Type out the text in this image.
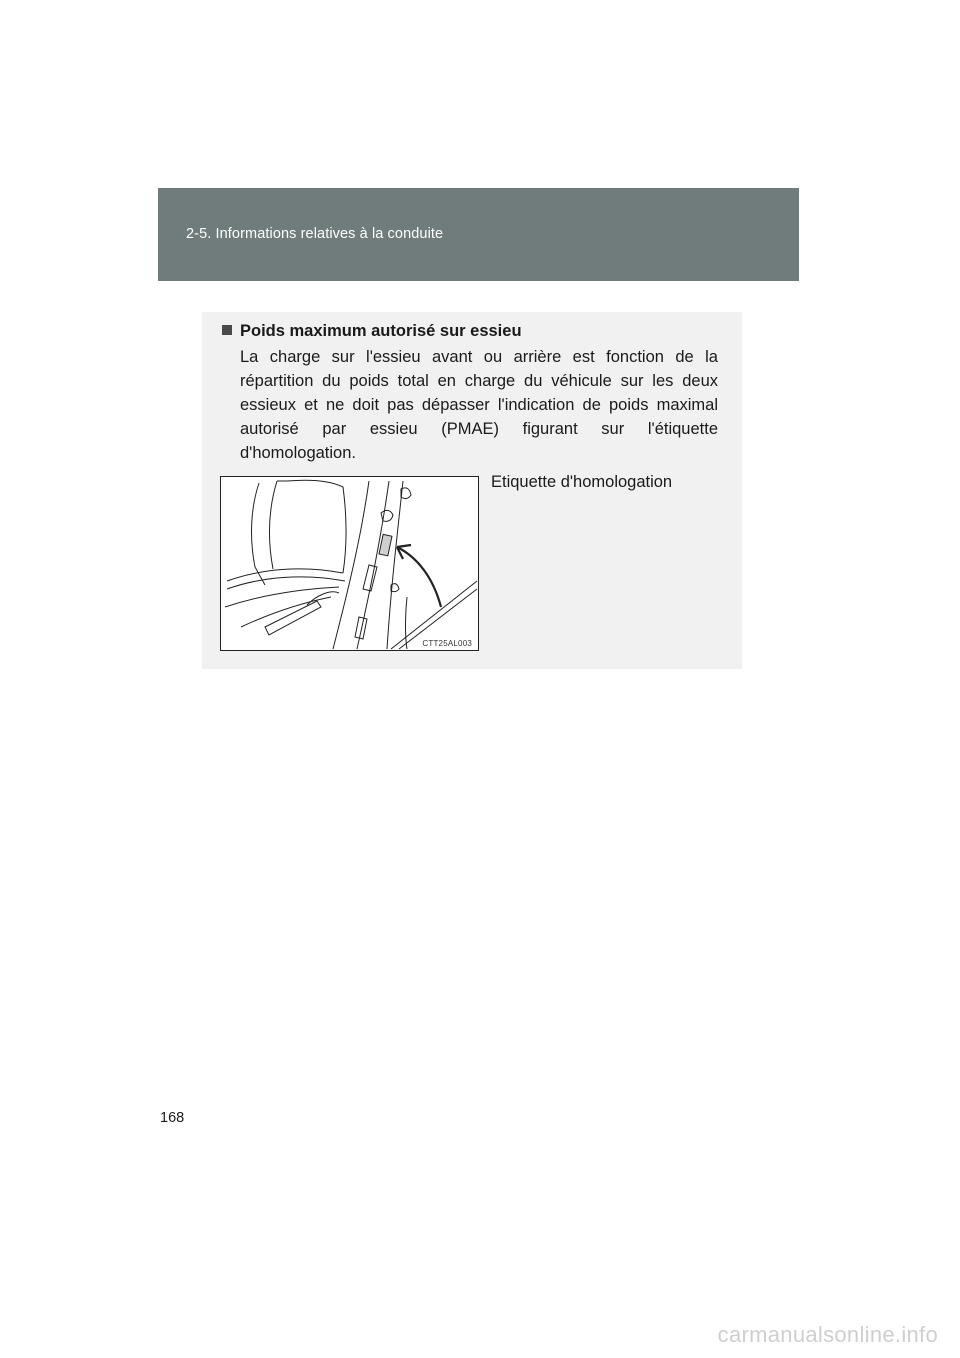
2-5. Informations relatives à la conduite
Poids maximum autorisé sur essieu
La charge sur l'essieu avant ou arrière est fonction de la répartition du poids total en charge du véhicule sur les deux essieux et ne doit pas dépasser l'indication de poids maximal autorisé par essieu (PMAE) figurant sur l'étiquette d'homologation.
CTT25AL003
Etiquette d'homologation
168
carmanualsonline.info
